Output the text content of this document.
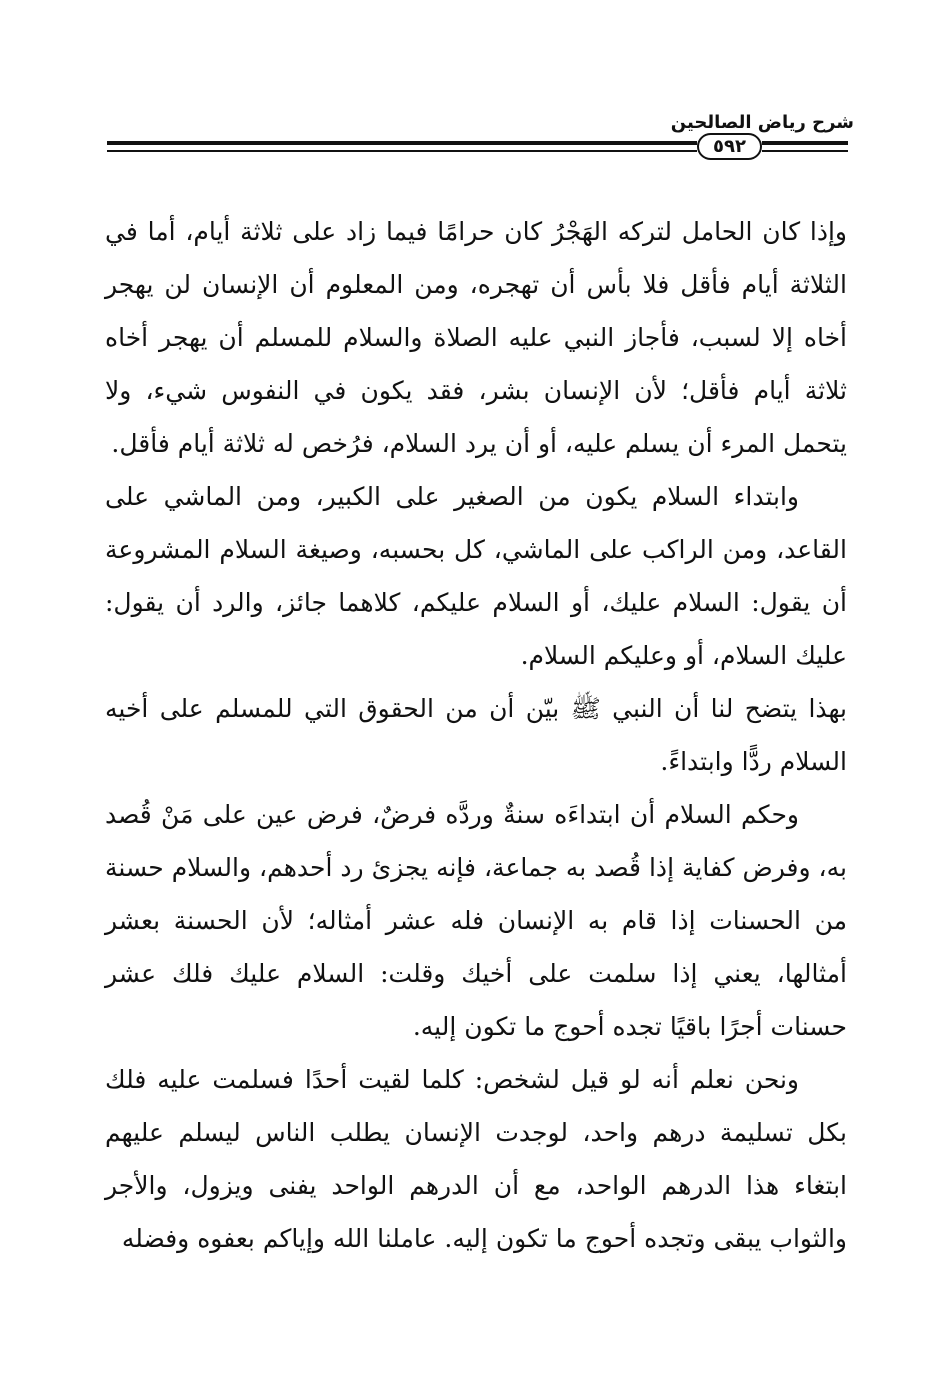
شرح رياض الصالحين
٥٩٢

وإذا كان الحامل لتركه الهَجْرُ كان حرامًا فيما زاد على ثلاثة أيام، أما في الثلاثة أيام فأقل فلا بأس أن تهجره، ومن المعلوم أن الإنسان لن يهجر أخاه إلا لسبب، فأجاز النبي عليه الصلاة والسلام للمسلم أن يهجر أخاه ثلاثة أيام فأقل؛ لأن الإنسان بشر، فقد يكون في النفوس شيء، ولا يتحمل المرء أن يسلم عليه، أو أن يرد السلام، فرُخص له ثلاثة أيام فأقل.

وابتداء السلام يكون من الصغير على الكبير، ومن الماشي على القاعد، ومن الراكب على الماشي، كل بحسبه، وصيغة السلام المشروعة أن يقول: السلام عليك، أو السلام عليكم، كلاهما جائز، والرد أن يقول: عليك السلام، أو وعليكم السلام.

بهذا يتضح لنا أن النبي ﷺ بيّن أن من الحقوق التي للمسلم على أخيه السلام ردًّا وابتداءً.

وحكم السلام أن ابتداءَه سنةٌ وردَّه فرضٌ، فرض عين على مَنْ قُصد به، وفرض كفاية إذا قُصد به جماعة، فإنه يجزئ رد أحدهم، والسلام حسنة من الحسنات إذا قام به الإنسان فله عشر أمثاله؛ لأن الحسنة بعشر أمثالها، يعني إذا سلمت على أخيك وقلت: السلام عليك فلك عشر حسنات أجرًا باقيًا تجده أحوج ما تكون إليه.

ونحن نعلم أنه لو قيل لشخص: كلما لقيت أحدًا فسلمت عليه فلك بكل تسليمة درهم واحد، لوجدت الإنسان يطلب الناس ليسلم عليهم ابتغاء هذا الدرهم الواحد، مع أن الدرهم الواحد يفنى ويزول، والأجر والثواب يبقى وتجده أحوج ما تكون إليه. عاملنا الله وإياكم بعفوه وفضله
